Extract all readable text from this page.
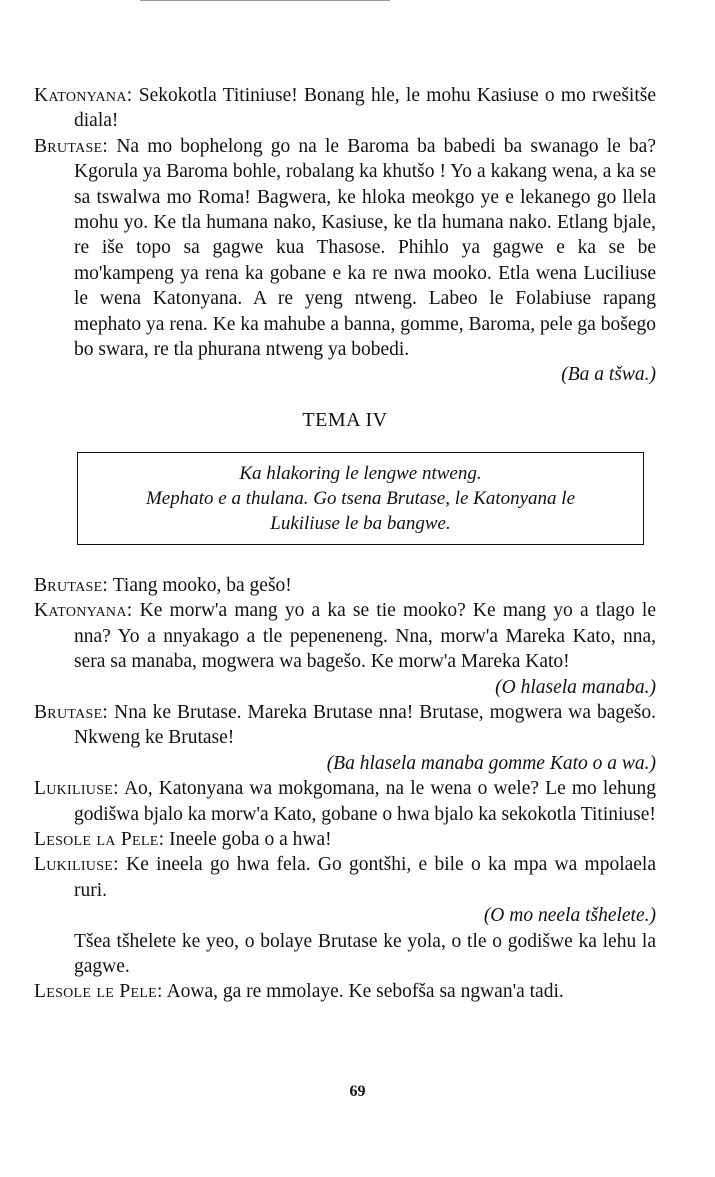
Katonyana: Sekokotla Titiniuse! Bonang hle, le mohu Kasiuse o mo rwešitše diala!

Brutase: Na mo bophelong go na le Baroma ba babedi ba swanago le ba? Kgorula ya Baroma bohle, robalang ka khutšo ! Yo a kakang wena, a ka se sa tswalwa mo Roma! Bagwera, ke hloka meokgo ye e lekanego go llela mohu yo. Ke tla humana nako, Kasiuse, ke tla humana nako. Etlang bjale, re iše topo sa gagwe kua Thasose. Phihlo ya gagwe e ka se be mo'kampeng ya rena ka gobane e ka re nwa mooko. Etla wena Luciliuse le wena Katonyana. A re yeng ntweng. Labeo le Folabiuse rapang mephato ya rena. Ke ka mahube a banna, gomme, Baroma, pele ga bošego bo swara, re tla phurana ntweng ya bobedi.

(Ba a tšwa.)

TEMA IV
Ka hlakoring le lengwe ntweng.
Mephato e a thulana. Go tsena Brutase, le Katonyana le
Lukiliuse le ba bangwe.

Brutase: Tiang mooko, ba gešo!

Katonyana: Ke morw'a mang yo a ka se tie mooko? Ke mang yo a tlago le nna? Yo a nnyakago a tle pepeneneng. Nna, morw'a Mareka Kato, nna, sera sa manaba, mogwera wa bagešo. Ke morw'a Mareka Kato!

(O hlasela manaba.)

Brutase: Nna ke Brutase. Mareka Brutase nna! Brutase, mogwera wa bagešo. Nkweng ke Brutase!

(Ba hlasela manaba gomme Kato o a wa.)

Lukiliuse: Ao, Katonyana wa mokgomana, na le wena o wele? Le mo lehung godišwa bjalo ka morw'a Kato, gobane o hwa bjalo ka sekokotla Titiniuse!

Lesole la Pele: Ineele goba o a hwa!

Lukiliuse: Ke ineela go hwa fela. Go gontšhi, e bile o ka mpa wa mpolaela ruri.

(O mo neela tšhelete.)

Tšea tšhelete ke yeo, o bolaye Brutase ke yola, o tle o godišwe ka lehu la gagwe.

Lesole le Pele: Aowa, ga re mmolaye. Ke sebofša sa ngwan'a tadi.

69
